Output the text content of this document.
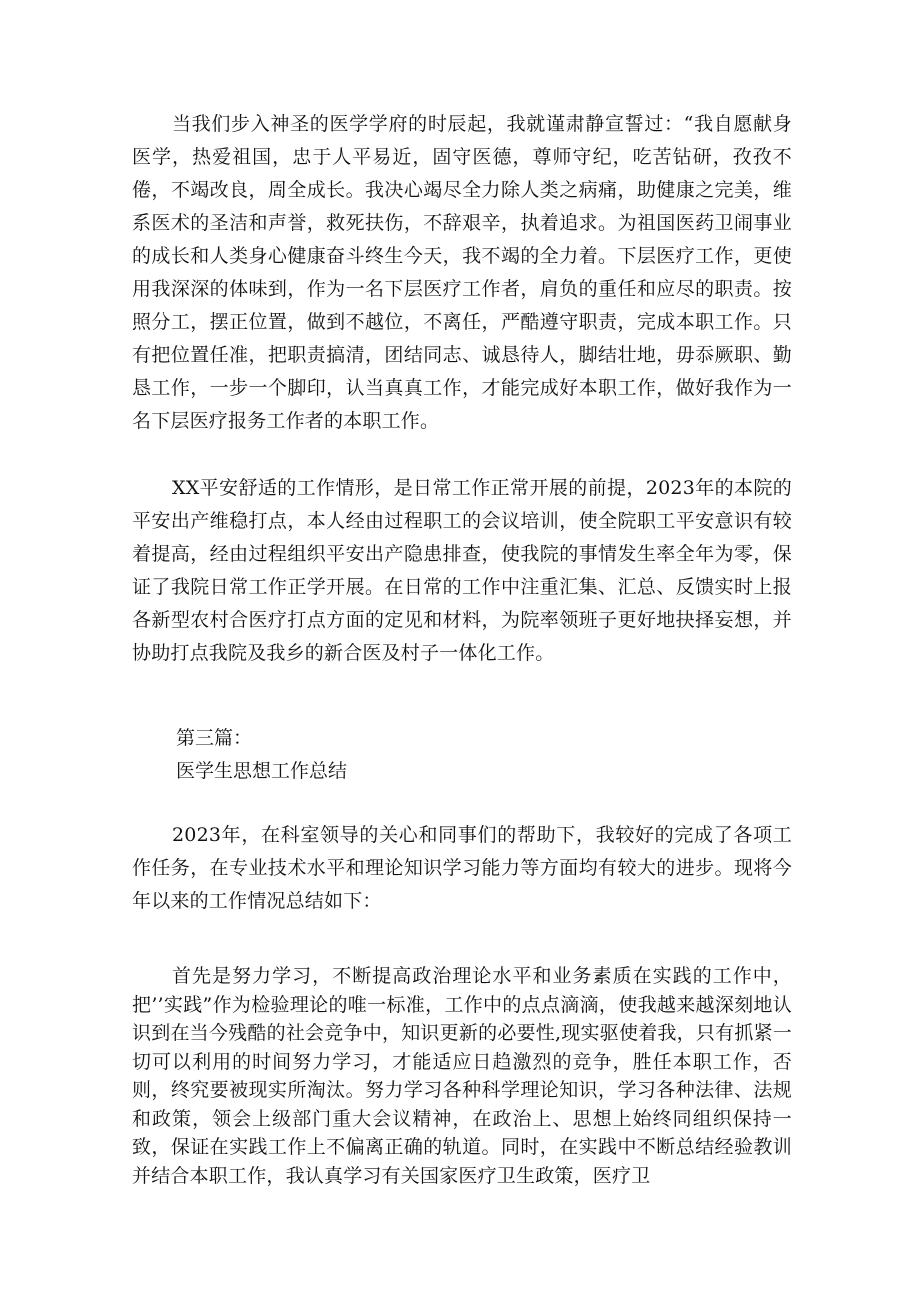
当我们步入神圣的医学学府的时辰起，我就谨肃静宣誓过：“我自愿献身医学，热爱祖国，忠于人平易近，固守医德，尊师守纪，吃苦钻研，孜孜不倦，不竭改良，周全成长。我决心竭尽全力除人类之病痛，助健康之完美，维系医术的圣洁和声誉，救死扶伤，不辞艰辛，执着追求。为祖国医药卫闹事业的成长和人类身心健康奋斗终生今天，我不竭的全力着。下层医疗工作，更使用我深深的体味到，作为一名下层医疗工作者，肩负的重任和应尽的职责。按照分工，摆正位置，做到不越位，不离任，严酷遵守职责，完成本职工作。只有把位置任准，把职责搞清，团结同志、诚恳待人，脚结壮地，毋忝厥职、勤恳工作，一步一个脚印，认当真真工作，才能完成好本职工作，做好我作为一名下层医疗报务工作者的本职工作。

XX平安舒适的工作情形，是日常工作正常开展的前提，2023年的本院的平安出产维稳打点，本人经由过程职工的会议培训，使全院职工平安意识有较着提高，经由过程组织平安出产隐患排查，使我院的事情发生率全年为零，保证了我院日常工作正学开展。在日常的工作中注重汇集、汇总、反馈实时上报各新型农村合医疗打点方面的定见和材料，为院率领班子更好地抉择妄想，并协助打点我院及我乡的新合医及村子一体化工作。

第三篇：

医学生思想工作总结

2023年，在科室领导的关心和同事们的帮助下，我较好的完成了各项工作任务，在专业技术水平和理论知识学习能力等方面均有较大的进步。现将今年以来的工作情况总结如下：

首先是努力学习，不断提高政治理论水平和业务素质在实践的工作中，把’’实践”作为检验理论的唯一标准，工作中的点点滴滴，使我越来越深刻地认识到在当今残酷的社会竞争中，知识更新的必要性,现实驱使着我，只有抓紧一切可以利用的时间努力学习，才能适应日趋激烈的竞争，胜任本职工作，否则，终究要被现实所淘汰。努力学习各种科学理论知识，学习各种法律、法规和政策，领会上级部门重大会议精神，在政治上、思想上始终同组织保持一致，保证在实践工作上不偏离正确的轨道。同时，在实践中不断总结经验教训并结合本职工作，我认真学习有关国家医疗卫生政策，医疗卫
